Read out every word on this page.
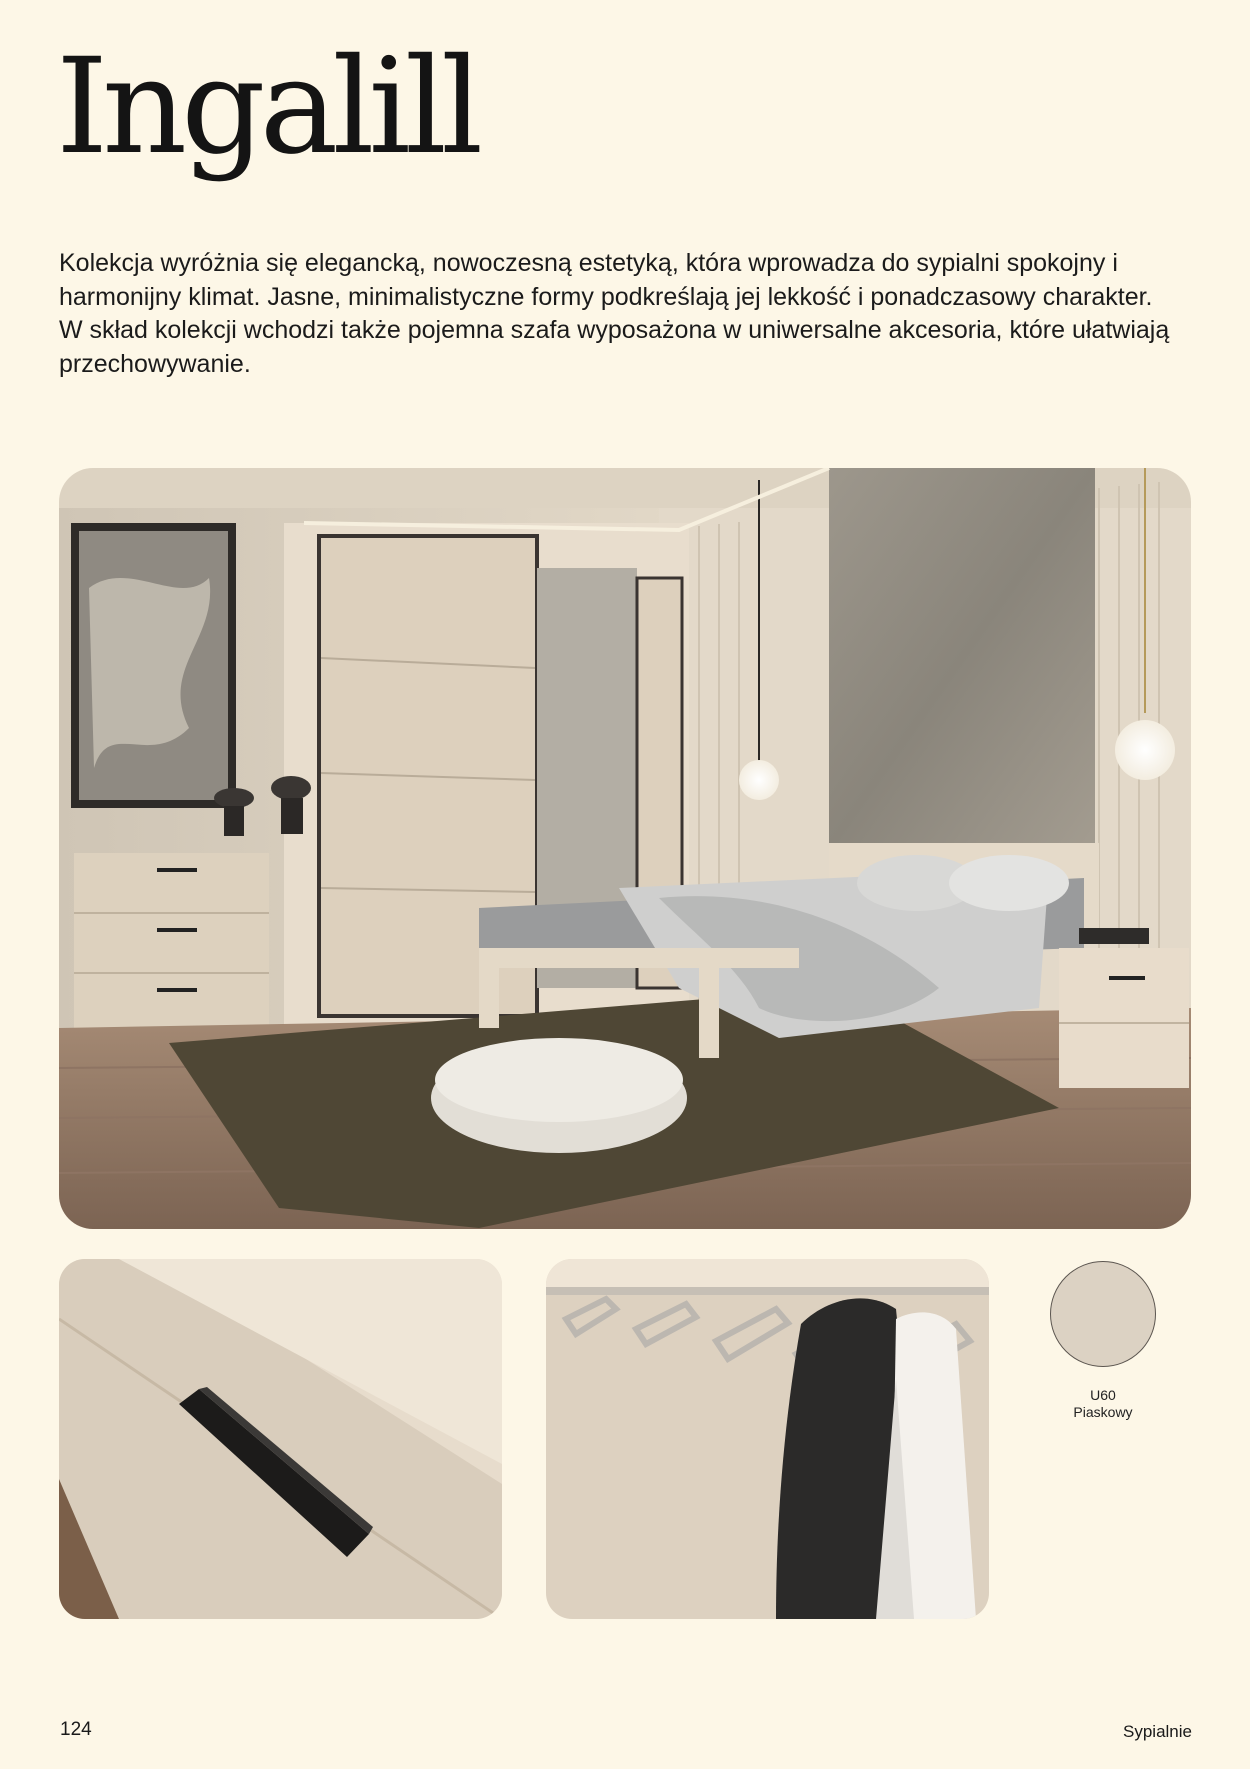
Ingalill

Kolekcja wyróżnia się elegancką, nowoczesną estetyką, która wprowadza do sypialni spokojny i harmonijny klimat. Jasne, minimalistyczne formy podkreślają jej lekkość i ponadczasowy charakter. W skład kolekcji wchodzi także pojemna szafa wyposażona w uniwersalne akcesoria, które ułatwiają przechowywanie.

U60
Piaskowy
124	Sypialnie
